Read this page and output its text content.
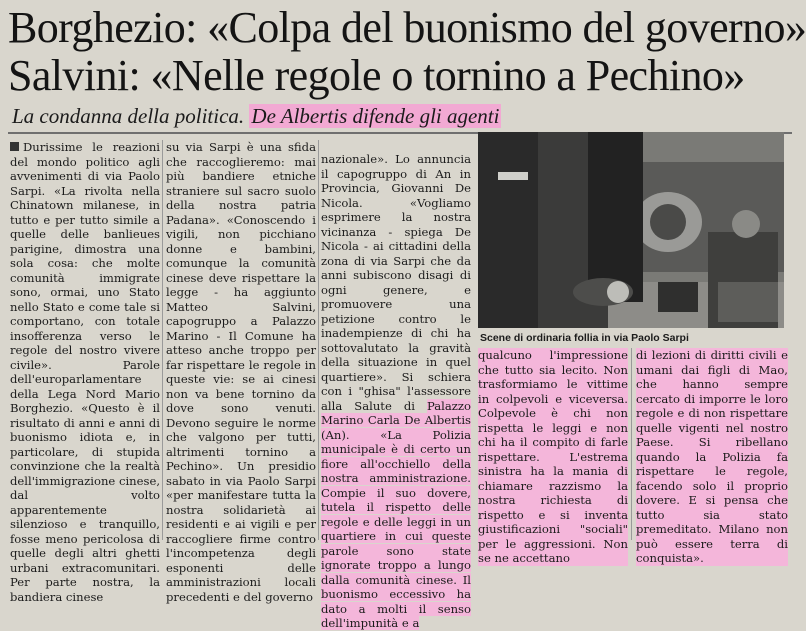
Borghezio: «Colpa del buonismo del governo»
Salvini: «Nelle regole o tornino a Pechino»
La condanna della politica. De Albertis difende gli agenti

Durissime le reazioni del mondo politico agli avvenimenti di via Paolo Sarpi. «La rivolta nella Chinatown milanese, in tutto e per tutto simile a quelle delle banlieues parigine, dimostra una sola cosa: che molte comunità immigrate sono, ormai, uno Stato nello Stato e come tale si comportano, con totale insofferenza verso le regole del nostro vivere civile». Parole dell'europarlamentare della Lega Nord Mario Borghezio. «Questo è il risultato di anni e anni di buonismo idiota e, in particolare, di stupida convinzione che la realtà dell'immigrazione cinese, dal volto apparentemente silenzioso e tranquillo, fosse meno pericolosa di quelle degli altri ghetti urbani extracomunitari. Per parte nostra, la bandiera cinese

su via Sarpi è una sfida che raccoglieremo: mai più bandiere etniche straniere sul sacro suolo della nostra patria Padana». «Conoscendo i vigili, non picchiano donne e bambini, comunque la comunità cinese deve rispettare la legge - ha aggiunto Matteo Salvini, capogruppo a Palazzo Marino - Il Comune ha atteso anche troppo per far rispettare le regole in queste vie: se ai cinesi non va bene tornino da dove sono venuti. Devono seguire le norme che valgono per tutti, altrimenti tornino a Pechino». Un presidio sabato in via Paolo Sarpi «per manifestare tutta la nostra solidarietà ai residenti e ai vigili e per raccogliere firme contro l'incompetenza degli esponenti delle amministrazioni locali precedenti e del governo

nazionale». Lo annuncia il capogruppo di An in Provincia, Giovanni De Nicola. «Vogliamo esprimere la nostra vicinanza - spiega De Nicola - ai cittadini della zona di via Sarpi che da anni subiscono disagi di ogni genere, e promuovere una petizione contro le inadempienze di chi ha sottovalutato la gravità della situazione in quel quartiere». Si schiera con i "ghisa" l'assessore alla Salute di Palazzo Marino Carla De Albertis (An). «La Polizia municipale è di certo un fiore all'occhiello della nostra amministrazione. Compie il suo dovere, tutela il rispetto delle regole e delle leggi in un quartiere in cui queste parole sono state ignorate troppo a lungo dalla comunità cinese. Il buonismo eccessivo ha dato a molti il senso dell'impunità e a

Scene di ordinaria follia in via Paolo Sarpi

qualcuno l'impressione che tutto sia lecito. Non trasformiamo le vittime in colpevoli e viceversa. Colpevole è chi non rispetta le leggi e non chi ha il compito di farle rispettare. L'estrema sinistra ha la mania di chiamare razzismo la nostra richiesta di rispetto e si inventa giustificazioni "sociali" per le aggressioni. Non se ne accettano

di lezioni di diritti civili e umani dai figli di Mao, che hanno sempre cercato di imporre le loro regole e di non rispettare quelle vigenti nel nostro Paese. Si ribellano quando la Polizia fa rispettare le regole, facendo solo il proprio dovere. E si pensa che tutto sia stato premeditato. Milano non può essere terra di conquista».
